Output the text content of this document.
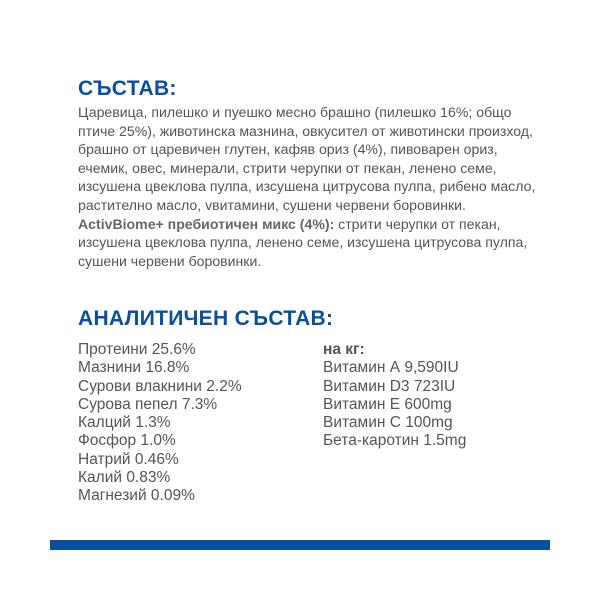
СЪСТАВ:

Царевица, пилешко и пуешко месно брашно (пилешко 16%; общо птиче 25%), животинска мазнина, овкусител от животински произход, брашно от царевичен глутен, кафяв ориз (4%), пивоварен ориз, ечемик, овес, минерали, стрити черупки от пекан, ленено семе, изсушена цвеклова пулпа, изсушена цитрусова пулпа, рибено масло, растително масло, vвитамини, сушени червени боровинки. ActivBiome+ пребиотичен микс (4%): стрити черупки от пекан, изсушена цвеклова пулпа, ленено семе, изсушена цитрусова пулпа, сушени червени боровинки.

АНАЛИТИЧЕН СЪСТАВ:
Протеини 25.6%
Мазнини 16.8%
Сурови влакнини 2.2%
Сурова пепел 7.3%
Калций 1.3%
Фосфор 1.0%
Натрий 0.46%
Калий 0.83%
Магнезий 0.09%
на кг:
Витамин А 9,590IU
Витамин D3 723IU
Витамин Е 600mg
Витамин С 100mg
Бета-каротин 1.5mg
